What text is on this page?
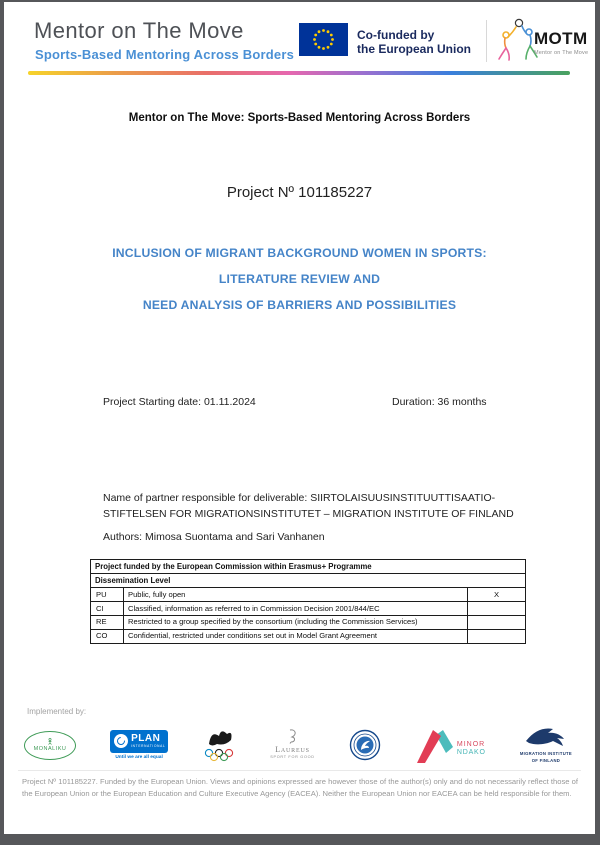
Mentor on The Move
Sports-Based Mentoring Across Borders
Co-funded by
the European Union
MOTM
Mentor on The Move
Mentor on The Move: Sports-Based Mentoring Across Borders
Project Nº 101185227
INCLUSION OF MIGRANT BACKGROUND WOMEN IN SPORTS:
LITERATURE REVIEW AND
NEED ANALYSIS OF BARRIERS AND POSSIBILITIES
Project Starting date: 01.11.2024	Duration: 36 months
Name of partner responsible for deliverable: SIIRTOLAISUUSINSTITUUTTISAATIO-STIFTELSEN FOR MIGRATIONSINSTITUTET – MIGRATION INSTITUTE OF FINLAND
Authors: Mimosa Suontama and Sari Vanhanen
Project funded by the European Commission within Erasmus+ Programme		
Dissemination Level		
PU	Public, fully open	X
CI	Classified, information as referred to in Commission Decision 2001/844/EC	
RE	Restricted to a group specified by the consortium (including the Commission Services)	
CO	Confidential, restricted under conditions set out in Model Grant Agreement	
Implemented by:
MONALIKU
PLAN
INTERNATIONAL
Until we are all equal
Laureus
SPORT FOR GOOD
MINOR
NDAKO	MIGRATION INSTITUTE
OF FINLAND
Project Nº 101185227. Funded by the European Union. Views and opinions expressed are however those of the author(s) only and do not necessarily reflect those of the European Union or the European Education and Culture Executive Agency (EACEA). Neither the European Union nor EACEA can be held responsible for them.
